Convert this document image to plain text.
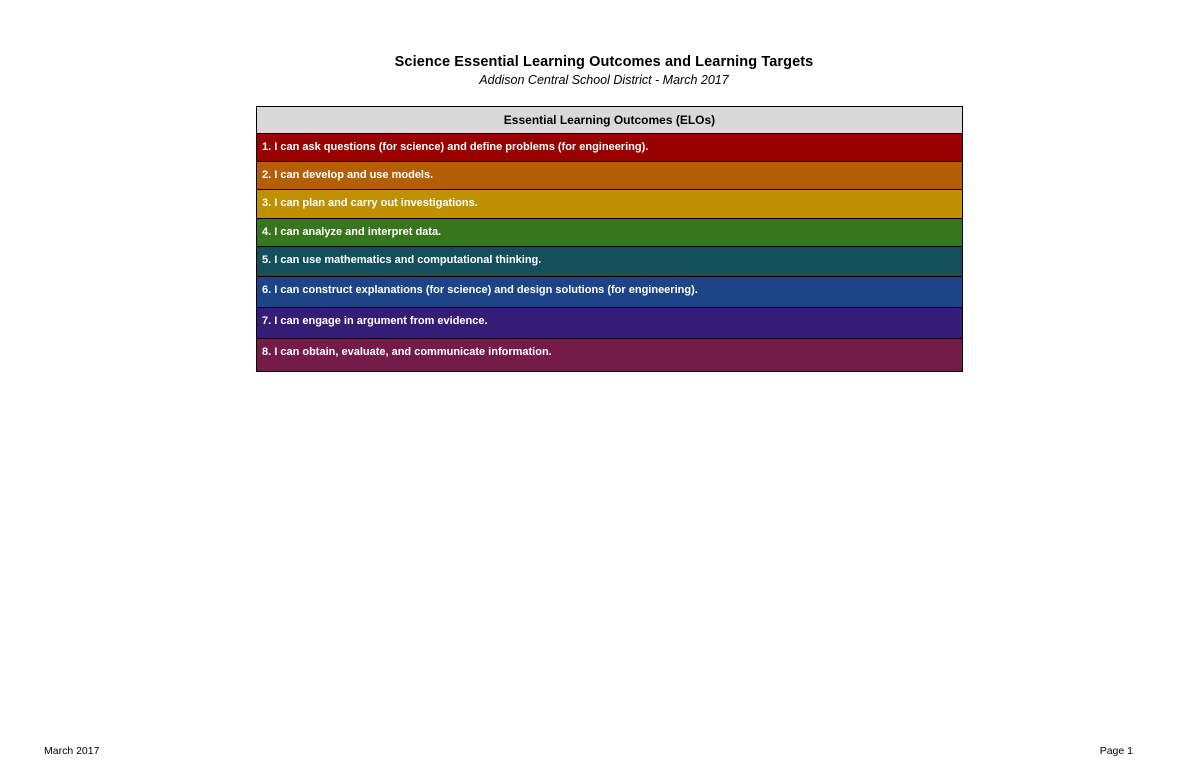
Science Essential Learning Outcomes and Learning Targets
Addison Central School District - March 2017
Essential Learning Outcomes (ELOs)
1. I can ask questions (for science) and define problems (for engineering).
2. I can develop and use models.
3. I can plan and carry out investigations.
4. I can analyze and interpret data.
5. I can use mathematics and computational thinking.
6. I can construct explanations (for science) and design solutions (for engineering).
7. I can engage in argument from evidence.
8. I can obtain, evaluate, and communicate information.
March 2017	Page 1
